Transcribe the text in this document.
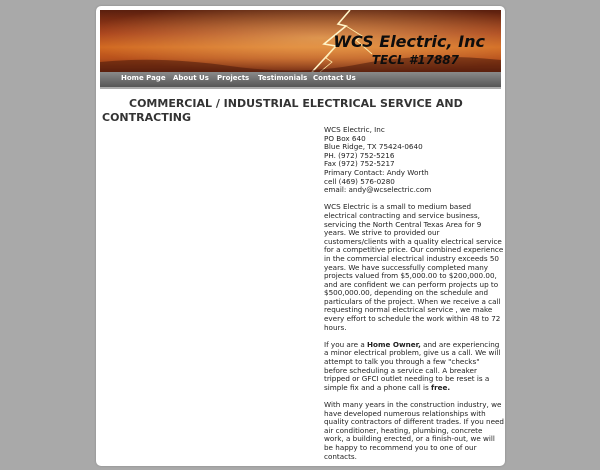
WCS Electric, Inc
TECL #17887
Home Page About Us Projects Testimonials Contact Us
COMMERCIAL / INDUSTRIAL ELECTRICAL SERVICE AND CONTRACTING

WCS Electric, Inc
PO Box 640
Blue Ridge, TX 75424-0640
PH. (972) 752-5216
Fax (972) 752-5217
Primary Contact: Andy Worth
cell (469) 576-0280
email: andy@wcselectric.com

WCS Electric is a small to medium based electrical contracting and service business, servicing the North Central Texas Area for 9 years. We strive to provided our customers/clients with a quality electrical service for a competitive price. Our combined experience in the commercial electrical industry exceeds 50 years. We have successfully completed many projects valued from $5,000.00 to $200,000.00, and are confident we can perform projects up to $500,000.00, depending on the schedule and particulars of the project. When we receive a call requesting normal electrical service , we make every effort to schedule the work within 48 to 72 hours.

If you are a Home Owner, and are experiencing a minor electrical problem, give us a call. We will attempt to talk you through a few "checks" before scheduling a service call. A breaker tripped or GFCI outlet needing to be reset is a simple fix and a phone call is free.

With many years in the construction industry, we have developed numerous relationships with quality contractors of different trades. If you need air conditioner, heating, plumbing, concrete work, a building erected, or a finish-out, we will be happy to recommend you to one of our contacts.
